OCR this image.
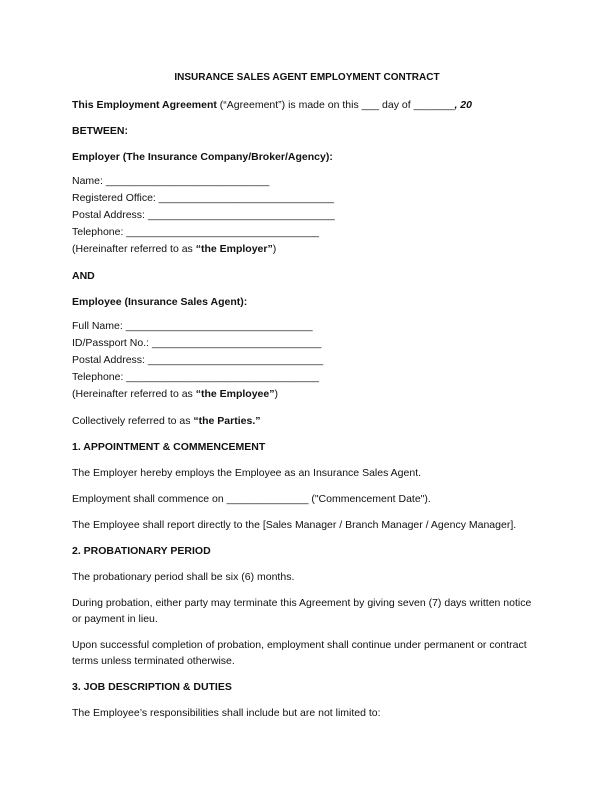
INSURANCE SALES AGENT EMPLOYMENT CONTRACT

This Employment Agreement (“Agreement”) is made on this ___ day of _______, 20

BETWEEN:

Employer (The Insurance Company/Broker/Agency):

Name: ____________________________
Registered Office: ______________________________
Postal Address: ________________________________
Telephone: _________________________________
(Hereinafter referred to as “the Employer”)

AND

Employee (Insurance Sales Agent):

Full Name: ________________________________
ID/Passport No.: _____________________________
Postal Address: ______________________________
Telephone: _________________________________
(Hereinafter referred to as “the Employee”)

Collectively referred to as “the Parties.”

1. APPOINTMENT & COMMENCEMENT

The Employer hereby employs the Employee as an Insurance Sales Agent.

Employment shall commence on ______________ ("Commencement Date").

The Employee shall report directly to the [Sales Manager / Branch Manager / Agency Manager].

2. PROBATIONARY PERIOD

The probationary period shall be six (6) months.

During probation, either party may terminate this Agreement by giving seven (7) days written notice or payment in lieu.

Upon successful completion of probation, employment shall continue under permanent or contract terms unless terminated otherwise.

3. JOB DESCRIPTION & DUTIES

The Employee’s responsibilities shall include but are not limited to:
